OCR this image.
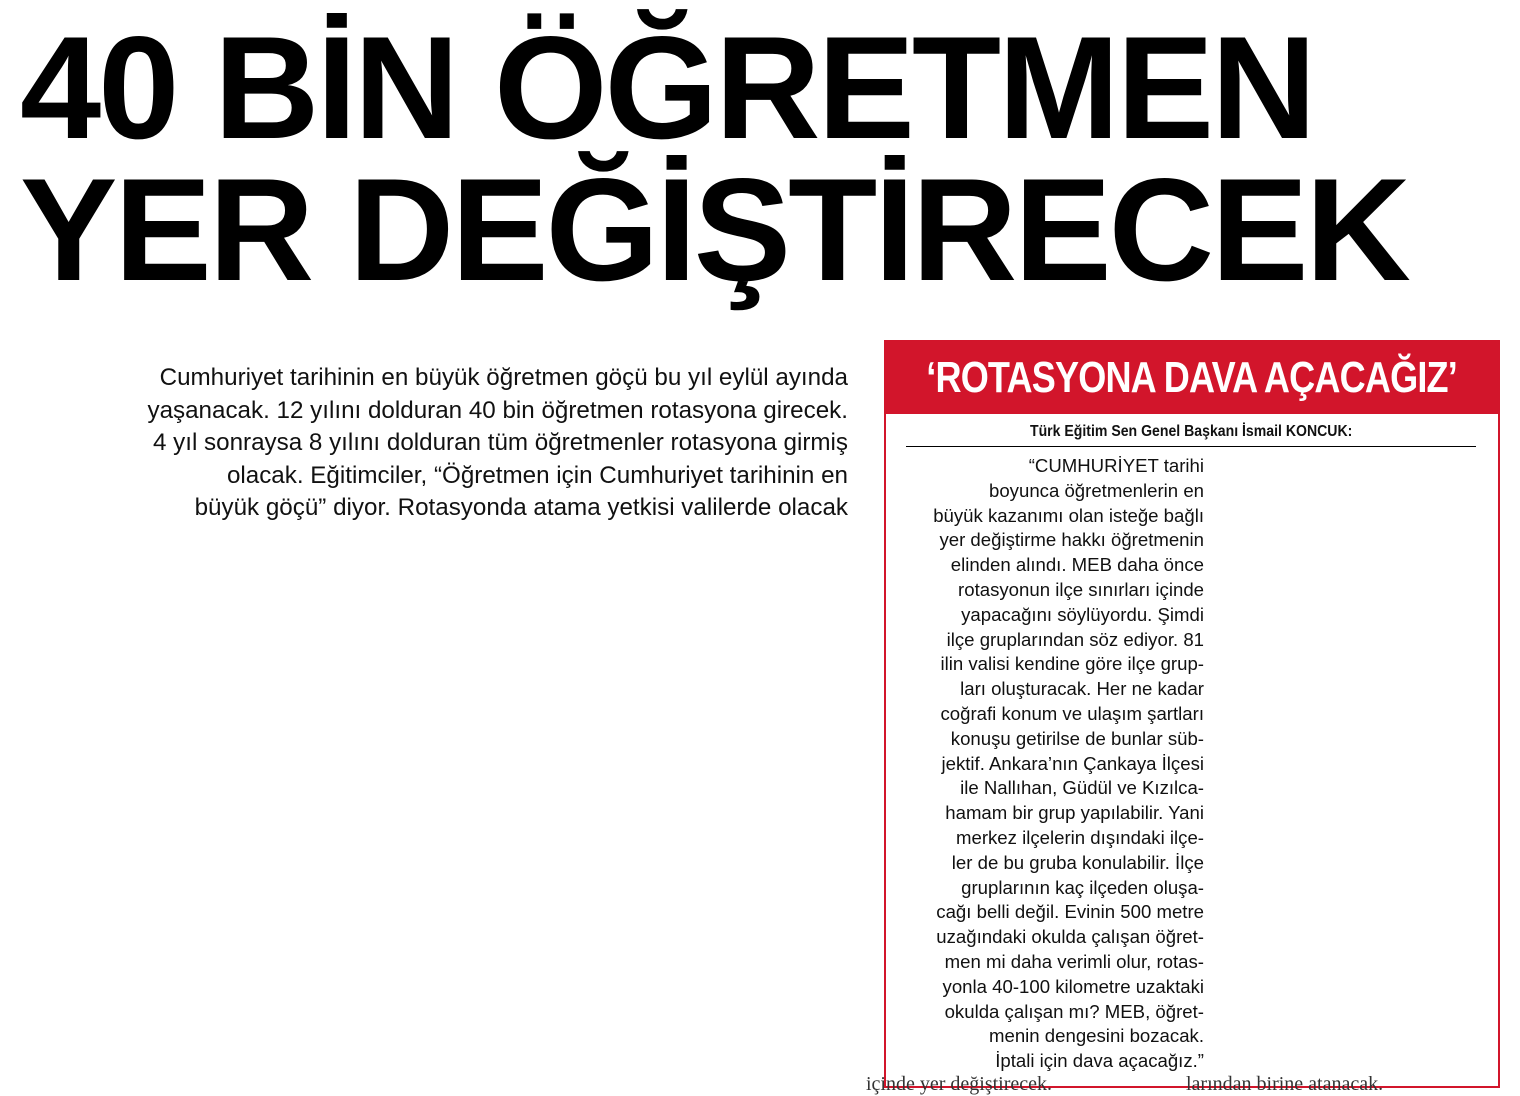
40 BİN ÖĞRETMEN
YER DEĞİŞTİRECEK

Cumhuriyet tarihinin en büyük öğretmen göçü bu yıl eylül ayında
yaşanacak. 12 yılını dolduran 40 bin öğretmen rotasyona girecek.
4 yıl sonraysa 8 yılını dolduran tüm öğretmenler rotasyona girmiş
olacak. Eğitimciler, “Öğretmen için Cumhuriyet tarihinin en
büyük göçü” diyor. Rotasyonda atama yetkisi valilerde olacak

‘ROTASYONA DAVA AÇACAĞIZ’
Türk Eğitim Sen Genel Başkanı İsmail KONCUK:

“CUMHURİYET tarihi
boyunca öğretmenlerin en
büyük kazanımı olan isteğe bağlı
yer değiştirme hakkı öğretmenin
elinden alındı. MEB daha önce
rotasyonun ilçe sınırları içinde
yapacağını söylüyordu. Şimdi
ilçe gruplarından söz ediyor. 81
ilin valisi kendine göre ilçe grup-
ları oluşturacak. Her ne kadar
coğrafi konum ve ulaşım şartları
konuşu getirilse de bunlar süb-
jektif. Ankara’nın Çankaya İlçesi
ile Nallıhan, Güdül ve Kızılca-
hamam bir grup yapılabilir. Yani
merkez ilçelerin dışındaki ilçe-
ler de bu gruba konulabilir. İlçe
gruplarının kaç ilçeden oluşa-
cağı belli değil. Evinin 500 metre
uzağındaki okulda çalışan öğret-
men mi daha verimli olur, rotas-
yonla 40-100 kilometre uzaktaki
okulda çalışan mı? MEB, öğret-
menin dengesini bozacak.
İptali için dava açacağız.”

içinde yer değiştirecek.	larından birine atanacak.
